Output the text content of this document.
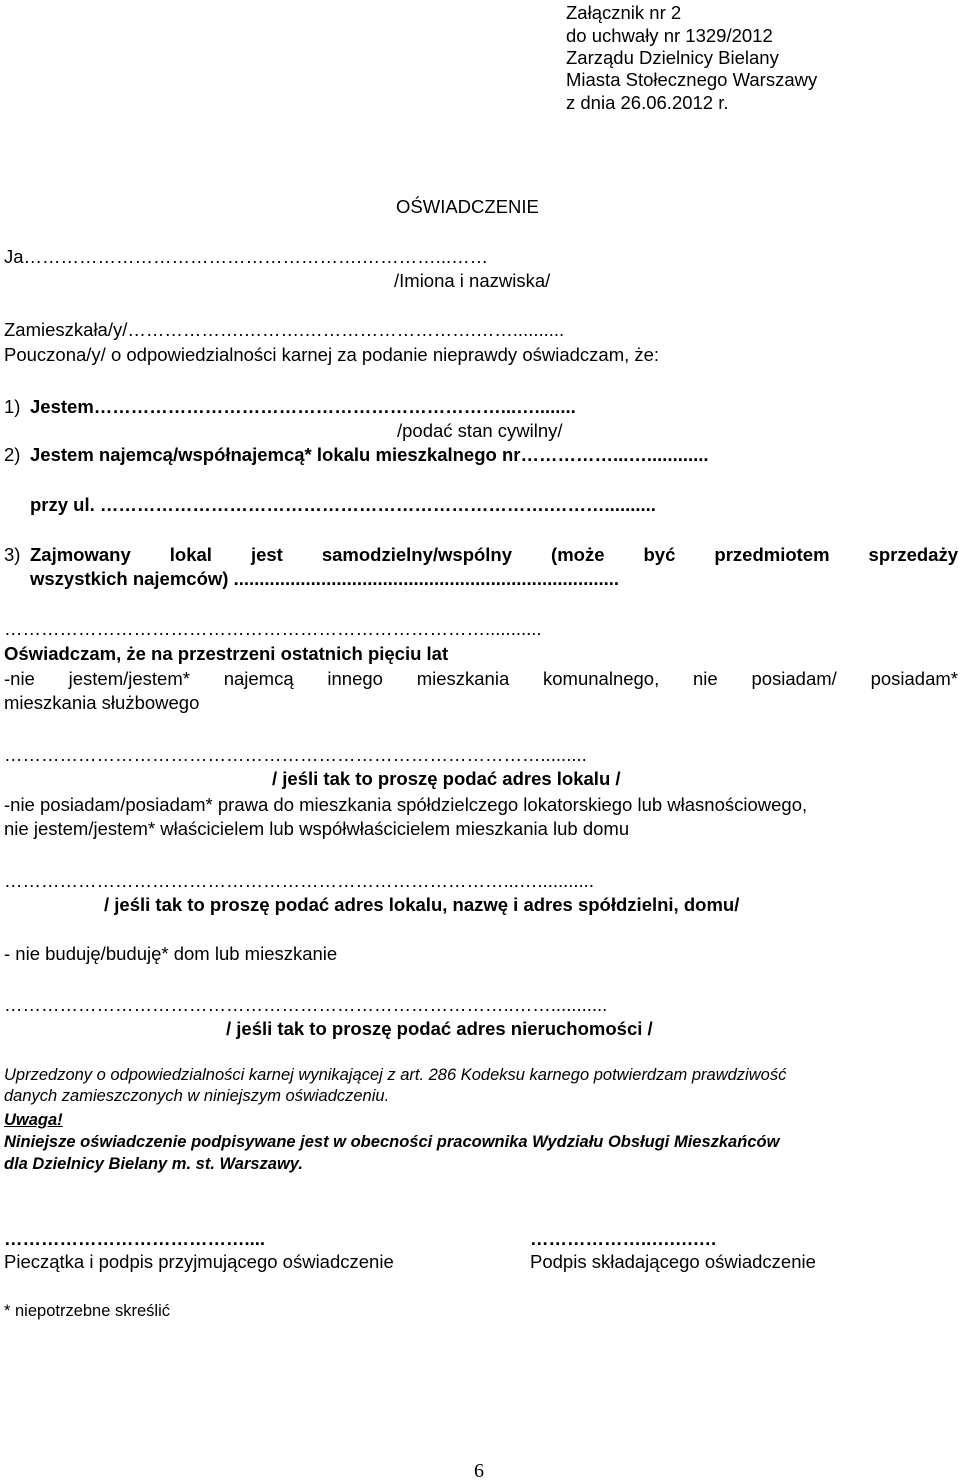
Załącznik nr 2
do uchwały nr 1329/2012
Zarządu Dzielnicy Bielany
Miasta Stołecznego Warszawy
z dnia 26.06.2012 r.
OŚWIADCZENIE
Ja……………………………………………….…………...……
/Imiona i nazwiska/
Zamieszkała/y/……………….……….……………………….……..........
Pouczona/y/ o odpowiedzialności karnej za podanie nieprawdy oświadczam, że:
1) Jestem…………………………………………………………...…........
/podać stan cywilny/
2) Jestem najemcą/współnajemcą* lokalu mieszkalnego nr……………...…............
przy ul. ……………………………………………………………….………..........
3) Zajmowany lokal jest samodzielny/wspólny (może być przedmiotem sprzedaży
wszystkich najemców) ...........................................................................
……………………………………………………………………...........
Oświadczam, że na przestrzeni ostatnich pięciu lat
-nie jestem/jestem* najemcą innego mieszkania komunalnego, nie posiadam/ posiadam*
mieszkania służbowego
…………………………………………………………………………….........
/ jeśli tak to proszę podać adres lokalu /
-nie posiadam/posiadam* prawa do mieszkania spółdzielczego lokatorskiego lub własnościowego,
nie jestem/jestem* właścicielem lub współwłaścicielem mieszkania lub domu
………………………………………………………………………...…...........
/ jeśli tak to proszę podać adres lokalu, nazwę i adres spółdzielni, domu/
- nie buduję/buduję* dom lub mieszkanie
………………………………………………………………………..……...........
/ jeśli tak to proszę podać adres nieruchomości /
Uprzedzony o odpowiedzialności karnej wynikającej z art. 286 Kodeksu karnego potwierdzam prawdziwość
danych zamieszczonych w niniejszym oświadczeniu.
Uwaga!
Niniejsze oświadczenie podpisywane jest w obecności pracownika Wydziału Obsługi Mieszkańców
dla Dzielnicy Bielany m. st. Warszawy.
…………………………………....
Pieczątka i podpis przyjmującego oświadczenie
………………..….….…
Podpis składającego oświadczenie
* niepotrzebne skreślić
6
